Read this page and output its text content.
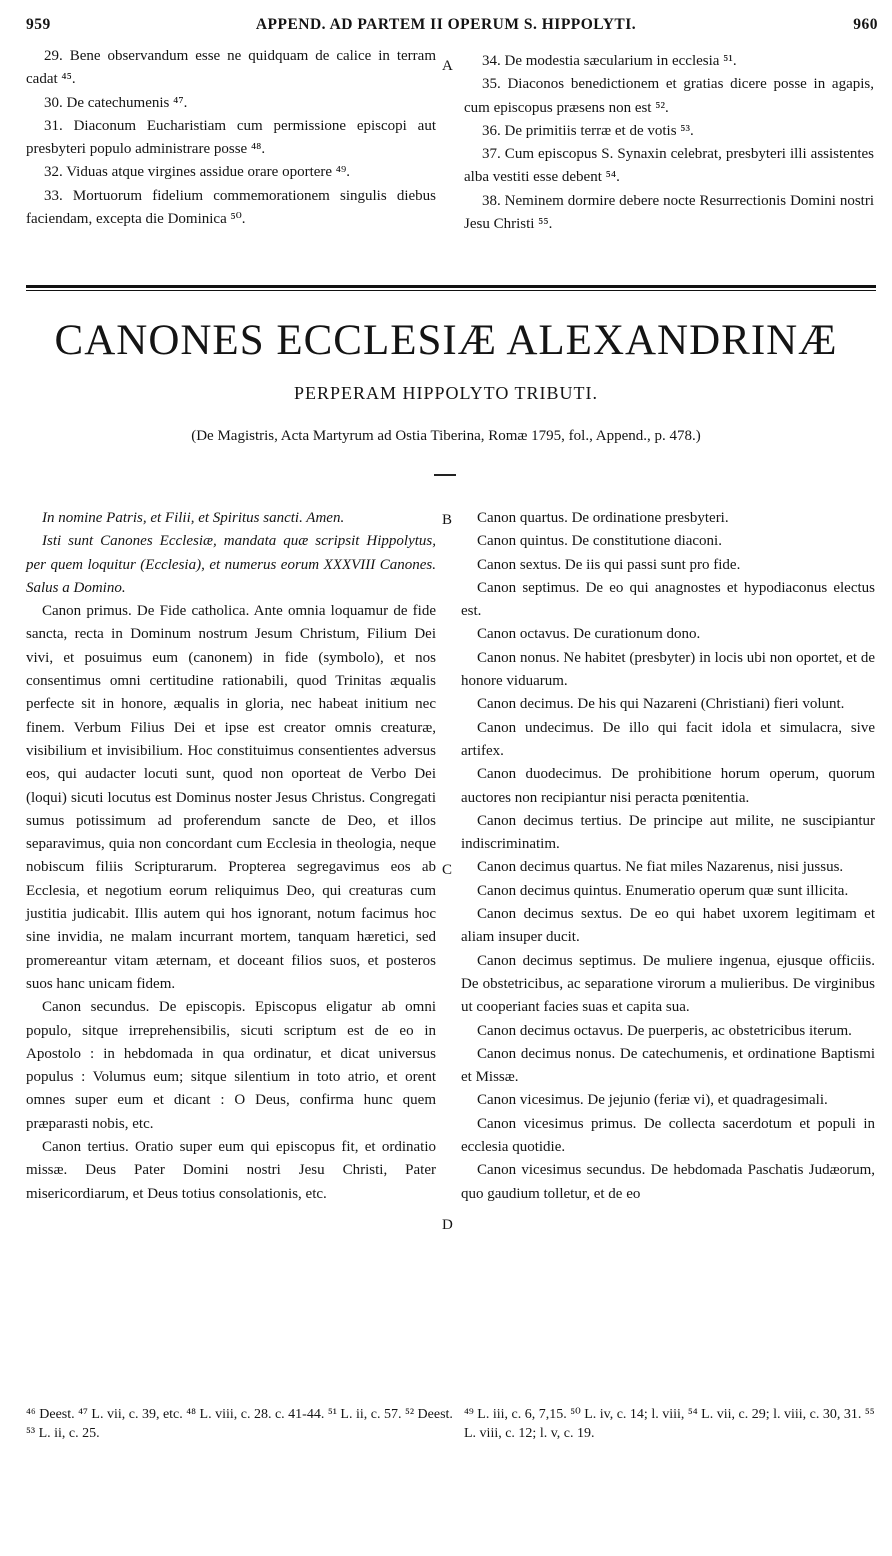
959	APPEND. AD PARTEM II OPERUM S. HIPPOLYTI.	960
A
B
C
D

29. Bene observandum esse ne quidquam de calice in terram cadat ⁴⁵.

30. De catechumenis ⁴⁷.

31. Diaconum Eucharistiam cum permissione episcopi aut presbyteri populo administrare posse ⁴⁸.

32. Viduas atque virgines assidue orare oportere ⁴⁹.

33. Mortuorum fidelium commemorationem singulis diebus faciendam, excepta die Dominica ⁵⁰.

34. De modestia sæcularium in ecclesia ⁵¹.

35. Diaconos benedictionem et gratias dicere posse in agapis, cum episcopus præsens non est ⁵².

36. De primitiis terræ et de votis ⁵³.

37. Cum episcopus S. Synaxin celebrat, presbyteri illi assistentes alba vestiti esse debent ⁵⁴.

38. Neminem dormire debere nocte Resurrectionis Domini nostri Jesu Christi ⁵⁵.

CANONES ECCLESIÆ ALEXANDRINÆ
PERPERAM HIPPOLYTO TRIBUTI.
(De Magistris, Acta Martyrum ad Ostia Tiberina, Romæ 1795, fol., Append., p. 478.)

In nomine Patris, et Filii, et Spiritus sancti. Amen.

Isti sunt Canones Ecclesiæ, mandata quæ scripsit Hippolytus, per quem loquitur (Ecclesia), et numerus eorum XXXVIII Canones. Salus a Domino.

Canon primus. De Fide catholica. Ante omnia loquamur de fide sancta, recta in Dominum nostrum Jesum Christum, Filium Dei vivi, et posuimus eum (canonem) in fide (symbolo), et nos consentimus omni certitudine rationabili, quod Trinitas æqualis perfecte sit in honore, æqualis in gloria, nec habeat initium nec finem. Verbum Filius Dei et ipse est creator omnis creaturæ, visibilium et invisibilium. Hoc constituimus consentientes adversus eos, qui audacter locuti sunt, quod non oporteat de Verbo Dei (loqui) sicuti locutus est Dominus noster Jesus Christus. Congregati sumus potissimum ad proferendum sancte de Deo, et illos separavimus, quia non concordant cum Ecclesia in theologia, neque nobiscum filiis Scripturarum. Propterea segregavimus eos ab Ecclesia, et negotium eorum reliquimus Deo, qui creaturas cum justitia judicabit. Illis autem qui hos ignorant, notum facimus hoc sine invidia, ne malam incurrant mortem, tanquam hæretici, sed promereantur vitam æternam, et doceant filios suos, et posteros suos hanc unicam fidem.

Canon secundus. De episcopis. Episcopus eligatur ab omni populo, sitque irreprehensibilis, sicuti scriptum est de eo in Apostolo : in hebdomada in qua ordinatur, et dicat universus populus : Volumus eum; sitque silentium in toto atrio, et orent omnes super eum et dicant : O Deus, confirma hunc quem præparasti nobis, etc.

Canon tertius. Oratio super eum qui episcopus fit, et ordinatio missæ. Deus Pater Domini nostri Jesu Christi, Pater misericordiarum, et Deus totius consolationis, etc.

Canon quartus. De ordinatione presbyteri.

Canon quintus. De constitutione diaconi.

Canon sextus. De iis qui passi sunt pro fide.

Canon septimus. De eo qui anagnostes et hypodiaconus electus est.

Canon octavus. De curationum dono.

Canon nonus. Ne habitet (presbyter) in locis ubi non oportet, et de honore viduarum.

Canon decimus. De his qui Nazareni (Christiani) fieri volunt.

Canon undecimus. De illo qui facit idola et simulacra, sive artifex.

Canon duodecimus. De prohibitione horum operum, quorum auctores non recipiantur nisi peracta pœnitentia.

Canon decimus tertius. De principe aut milite, ne suscipiantur indiscriminatim.

Canon decimus quartus. Ne fiat miles Nazarenus, nisi jussus.

Canon decimus quintus. Enumeratio operum quæ sunt illicita.

Canon decimus sextus. De eo qui habet uxorem legitimam et aliam insuper ducit.

Canon decimus septimus. De muliere ingenua, ejusque officiis. De obstetricibus, ac separatione virorum a mulieribus. De virginibus ut cooperiant facies suas et capita sua.

Canon decimus octavus. De puerperis, ac obstetricibus iterum.

Canon decimus nonus. De catechumenis, et ordinatione Baptismi et Missæ.

Canon vicesimus. De jejunio (feriæ vi), et quadragesimali.

Canon vicesimus primus. De collecta sacerdotum et populi in ecclesia quotidie.

Canon vicesimus secundus. De hebdomada Paschatis Judæorum, quo gaudium tolletur, et de eo

⁴⁶ Deest. ⁴⁷ L. vii, c. 39, etc. ⁴⁸ L. viii, c. 28. c. 41-44. ⁵¹ L. ii, c. 57. ⁵² Deest. ⁵³ L. ii, c. 25.
⁴⁹ L. iii, c. 6, 7,15. ⁵⁰ L. iv, c. 14; l. viii, ⁵⁴ L. vii, c. 29; l. viii, c. 30, 31. ⁵⁵ L. viii, c. 12; l. v, c. 19.
